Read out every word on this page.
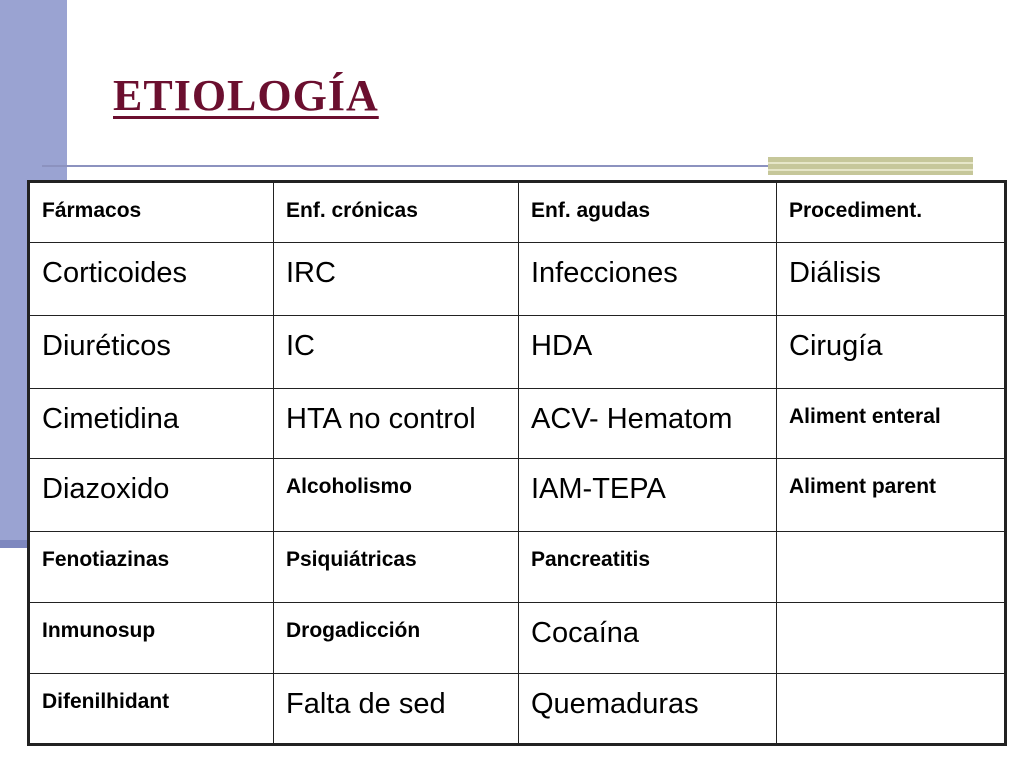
ETIOLOGÍA
Fármacos	Enf. crónicas	Enf. agudas	Procediment.
Corticoides	IRC	Infecciones	Diálisis
Diuréticos	IC	HDA	Cirugía
Cimetidina	HTA no control	ACV- Hematom	Aliment enteral
Diazoxido	Alcoholismo	IAM-TEPA	Aliment parent
Fenotiazinas	Psiquiátricas	Pancreatitis	
Inmunosup	Drogadicción	Cocaína	
Difenilhidant	Falta de sed	Quemaduras	
